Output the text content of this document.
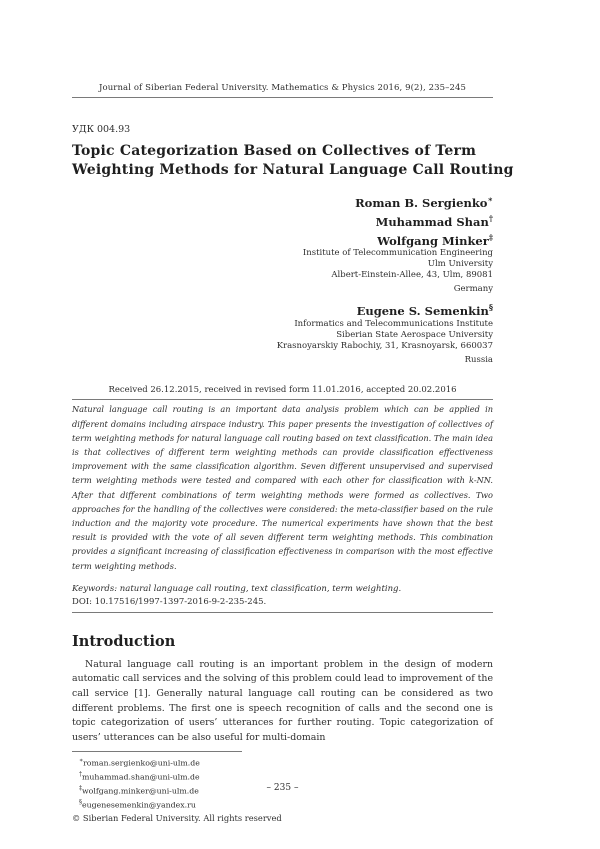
Journal of Siberian Federal University. Mathematics & Physics 2016, 9(2), 235–245
УДК 004.93
Topic Categorization Based on Collectives of Term Weighting Methods for Natural Language Call Routing
Roman B. Sergienko∗
Muhammad Shan†
Wolfgang Minker‡
Institute of Telecommunication Engineering
Ulm University
Albert-Einstein-Allee, 43, Ulm, 89081
Germany
Eugene S. Semenkin§
Informatics and Telecommunications Institute
Siberian State Aerospace University
Krasnoyarskiy Rabochiy, 31, Krasnoyarsk, 660037
Russia
Received 26.12.2015, received in revised form 11.01.2016, accepted 20.02.2016
Natural language call routing is an important data analysis problem which can be applied in different domains including airspace industry. This paper presents the investigation of collectives of term weighting methods for natural language call routing based on text classification. The main idea is that collectives of different term weighting methods can provide classification effectiveness improvement with the same classification algorithm. Seven different unsupervised and supervised term weighting methods were tested and compared with each other for classification with k-NN. After that different combinations of term weighting methods were formed as collectives. Two approaches for the handling of the collectives were considered: the meta-classifier based on the rule induction and the majority vote procedure. The numerical experiments have shown that the best result is provided with the vote of all seven different term weighting methods. This combination provides a significant increasing of classification effectiveness in comparison with the most effective term weighting methods.
Keywords: natural language call routing, text classification, term weighting.
DOI: 10.17516/1997-1397-2016-9-2-235-245.
Introduction
Natural language call routing is an important problem in the design of modern automatic call services and the solving of this problem could lead to improvement of the call service [1]. Generally natural language call routing can be considered as two different problems. The first one is speech recognition of calls and the second one is topic categorization of users’ utterances for further routing. Topic categorization of users’ utterances can be also useful for multi-domain
∗roman.sergienko@uni-ulm.de
†muhammad.shan@uni-ulm.de
‡wolfgang.minker@uni-ulm.de
§eugenesemenkin@yandex.ru
© Siberian Federal University. All rights reserved
– 235 –
